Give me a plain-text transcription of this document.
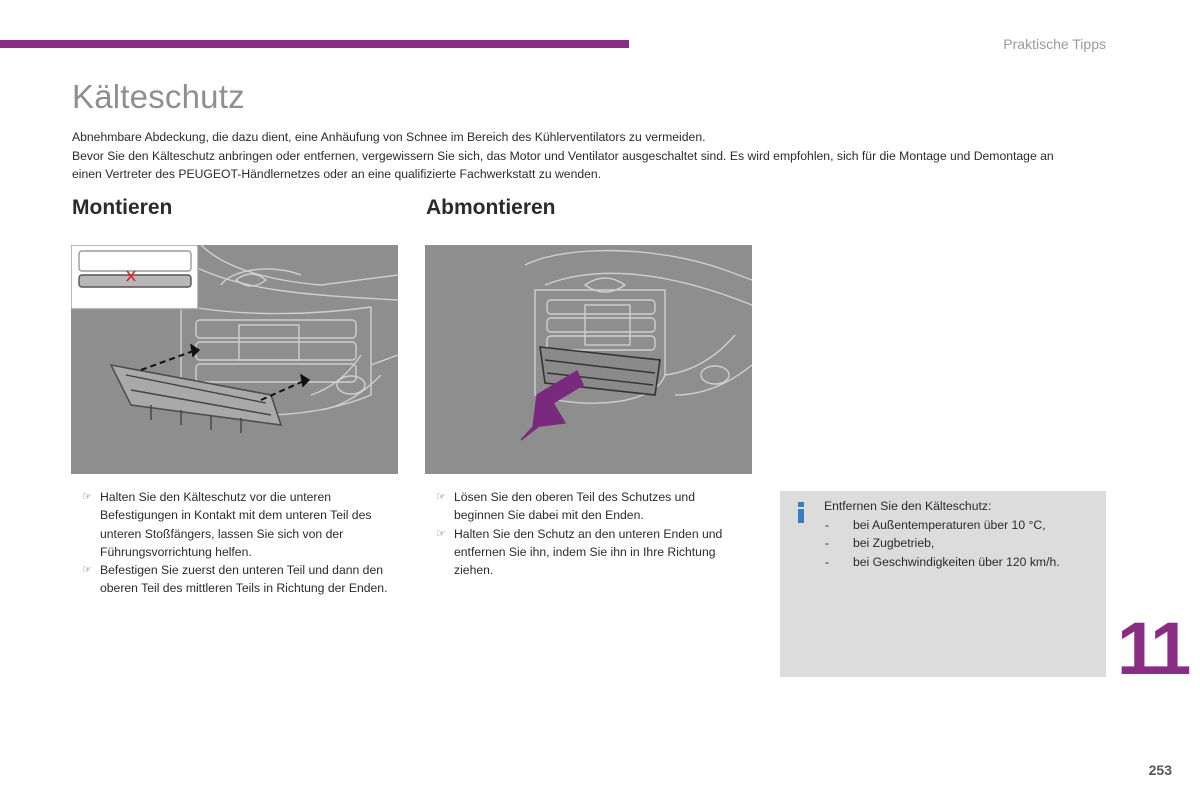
Praktische Tipps
Kälteschutz

Abnehmbare Abdeckung, die dazu dient, eine Anhäufung von Schnee im Bereich des Kühlerventilators zu vermeiden.

Bevor Sie den Kälteschutz anbringen oder entfernen, vergewissern Sie sich, das Motor und Ventilator ausgeschaltet sind. Es wird empfohlen, sich für die Montage und Demontage an einen Vertreter des PEUGEOT-Händlernetzes oder an eine qualifizierte Fachwerkstatt zu wenden.

Montieren	Abmontieren
☞ Halten Sie den Kälteschutz vor die unteren Befestigungen in Kontakt mit dem unteren Teil des unteren Stoßfängers, lassen Sie sich von der Führungsvorrichtung helfen.
☞ Befestigen Sie zuerst den unteren Teil und dann den oberen Teil des mittleren Teils in Richtung der Enden.
☞ Lösen Sie den oberen Teil des Schutzes und beginnen Sie dabei mit den Enden.
☞ Halten Sie den Schutz an den unteren Enden und entfernen Sie ihn, indem Sie ihn in Ihre Richtung ziehen.
Entfernen Sie den Kälteschutz:
- bei Außentemperaturen über 10 °C,
- bei Zugbetrieb,
- bei Geschwindigkeiten über 120 km/h.
11
253
